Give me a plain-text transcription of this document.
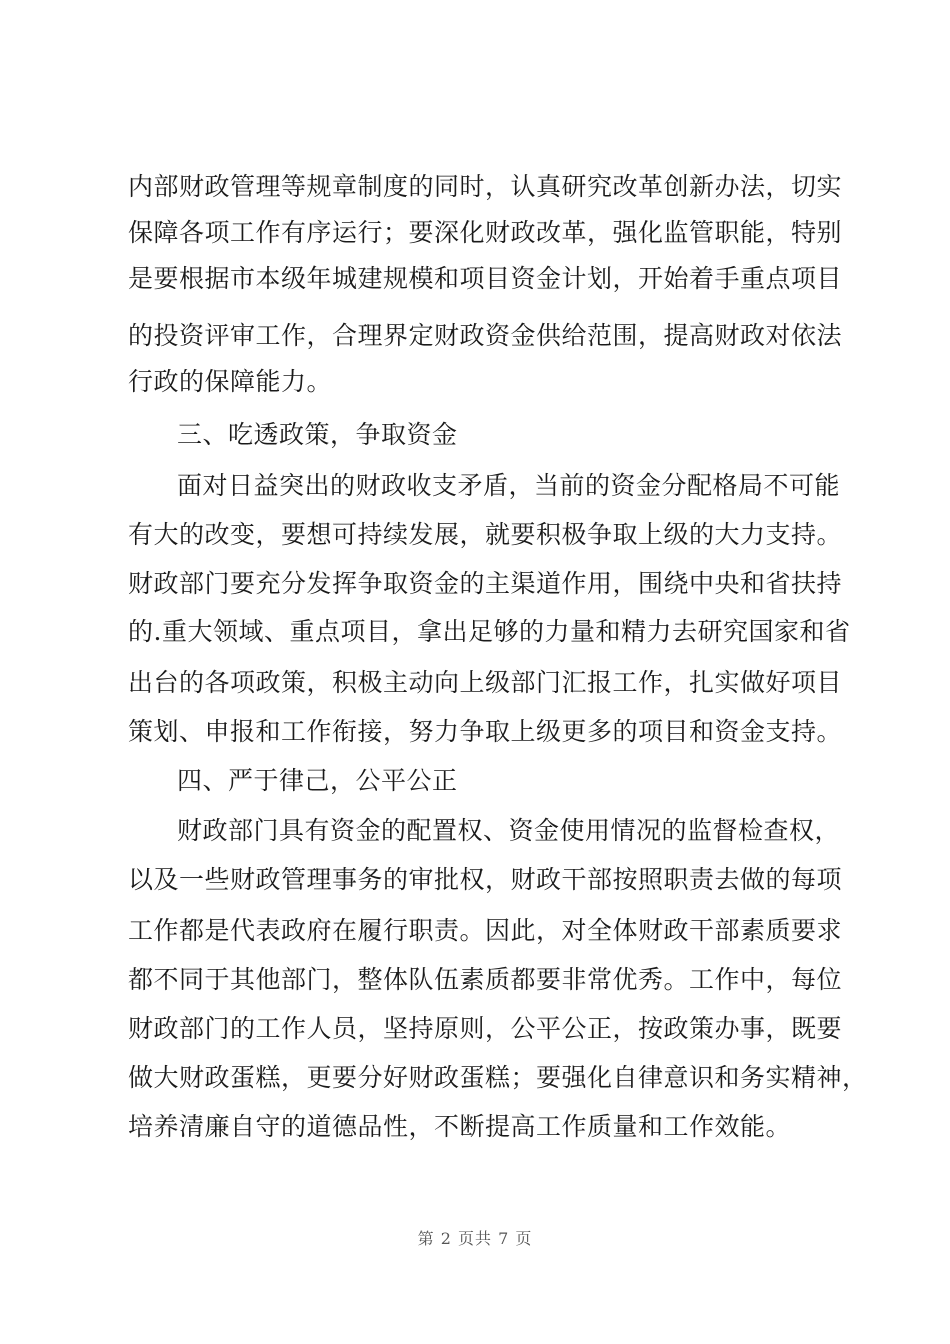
内部财政管理等规章制度的同时，认真研究改革创新办法，切实
保障各项工作有序运行；要深化财政改革，强化监管职能，特别
是要根据市本级年城建规模和项目资金计划，开始着手重点项目
的投资评审工作，合理界定财政资金供给范围，提高财政对依法
行政的保障能力。
三、吃透政策，争取资金
面对日益突出的财政收支矛盾，当前的资金分配格局不可能
有大的改变，要想可持续发展，就要积极争取上级的大力支持。
财政部门要充分发挥争取资金的主渠道作用，围绕中央和省扶持
的.重大领域、重点项目，拿出足够的力量和精力去研究国家和省
出台的各项政策，积极主动向上级部门汇报工作，扎实做好项目
策划、申报和工作衔接，努力争取上级更多的项目和资金支持。
四、严于律己，公平公正
财政部门具有资金的配置权、资金使用情况的监督检查权，
以及一些财政管理事务的审批权，财政干部按照职责去做的每项
工作都是代表政府在履行职责。因此，对全体财政干部素质要求
都不同于其他部门，整体队伍素质都要非常优秀。工作中，每位
财政部门的工作人员，坚持原则，公平公正，按政策办事，既要
做大财政蛋糕，更要分好财政蛋糕；要强化自律意识和务实精神，
培养清廉自守的道德品性，不断提高工作质量和工作效能。
第 2 页共 7 页
